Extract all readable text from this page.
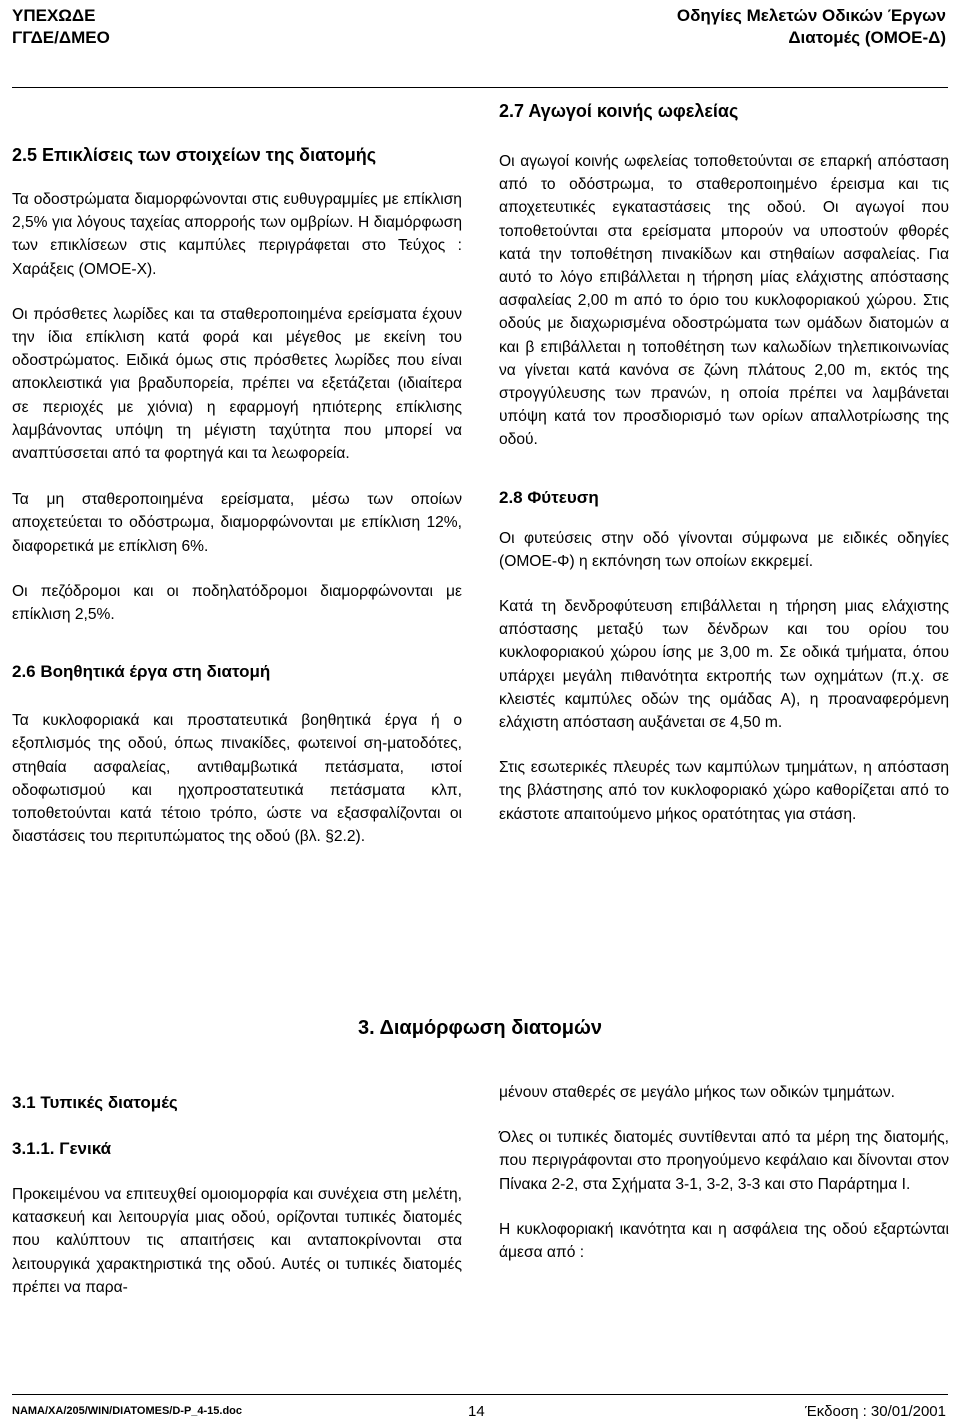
ΥΠΕΧΩΔΕ
ΓΓΔΕ/ΔΜΕΟ
Οδηγίες Μελετών Οδικών Έργων
Διατομές (ΟΜΟΕ-Δ)
2.5 Επικλίσεις των στοιχείων της διατομής

Τα οδοστρώματα διαμορφώνονται στις ευθυγραμμίες με επίκλιση 2,5% για λόγους ταχείας απορροής των ομβρίων. Η διαμόρφωση των επικλίσεων στις καμπύλες περιγράφεται στο Τεύχος : Χαράξεις (ΟΜΟΕ-Χ).

Οι πρόσθετες λωρίδες και τα σταθεροποιημένα ερείσματα έχουν την ίδια επίκλιση κατά φορά και μέγεθος με εκείνη του οδοστρώματος. Ειδικά όμως στις πρόσθετες λωρίδες που είναι αποκλειστικά για βραδυπορεία, πρέπει να εξετάζεται (ιδιαίτερα σε περιοχές με χιόνια) η εφαρμογή ηπιότερης επίκλισης λαμβάνοντας υπόψη τη μέγιστη ταχύτητα που μπορεί να αναπτύσσεται από τα φορτηγά και τα λεωφορεία.

Τα μη σταθεροποιημένα ερείσματα, μέσω των οποίων αποχετεύεται το οδόστρωμα, διαμορφώνονται με επίκλιση 12%, διαφορετικά με επίκλιση 6%.

Οι πεζόδρομοι και οι ποδηλατόδρομοι διαμορφώνονται με επίκλιση 2,5%.

2.6 Βοηθητικά έργα στη διατομή

Τα κυκλοφοριακά και προστατευτικά βοηθητικά έργα ή ο εξοπλισμός της οδού, όπως πινακίδες, φωτεινοί ση-ματοδότες, στηθαία ασφαλείας, αντιθαμβωτικά πετάσματα, ιστοί οδοφωτισμού και ηχοπροστατευτικά πετάσματα κλπ, τοποθετούνται κατά τέτοιο τρόπο, ώστε να εξασφαλίζονται οι διαστάσεις του περιτυπώματος της οδού (βλ. §2.2).

2.7 Αγωγοί κοινής ωφελείας

Οι αγωγοί κοινής ωφελείας τοποθετούνται σε επαρκή απόσταση από το οδόστρωμα, το σταθεροποιημένο έρεισμα και τις αποχετευτικές εγκαταστάσεις της οδού. Οι αγωγοί που τοποθετούνται στα ερείσματα μπορούν να υποστούν φθορές κατά την τοποθέτηση πινακίδων και στηθαίων ασφαλείας. Για αυτό το λόγο επιβάλλεται η τήρηση μίας ελάχιστης απόστασης ασφαλείας 2,00 m από το όριο του κυκλοφοριακού χώρου. Στις οδούς με διαχωρισμένα οδοστρώματα των ομάδων διατομών α και β επιβάλλεται η τοποθέτηση των καλωδίων τηλεπικοινωνίας να γίνεται κατά κανόνα σε ζώνη πλάτους 2,00 m, εκτός της στρογγύλευσης των πρανών, η οποία πρέπει να λαμβάνεται υπόψη κατά τον προσδιορισμό των ορίων απαλλοτρίωσης της οδού.

2.8 Φύτευση

Οι φυτεύσεις στην οδό γίνονται σύμφωνα με ειδικές οδηγίες (ΟΜΟΕ-Φ) η εκπόνηση των οποίων εκκρεμεί.

Κατά τη δενδροφύτευση επιβάλλεται η τήρηση μιας ελάχιστης απόστασης μεταξύ των δένδρων και του ορίου του κυκλοφοριακού χώρου ίσης με 3,00 m. Σε οδικά τμήματα, όπου υπάρχει μεγάλη πιθανότητα εκτροπής των οχημάτων (π.χ. σε κλειστές καμπύλες οδών της ομάδας Α), η προαναφερόμενη ελάχιστη απόσταση αυξάνεται σε 4,50 m.

Στις εσωτερικές πλευρές των καμπύλων τμημάτων, η απόσταση της βλάστησης από τον κυκλοφοριακό χώρο καθορίζεται από το εκάστοτε απαιτούμενο μήκος ορατότητας για στάση.

3. Διαμόρφωση διατομών
3.1 Τυπικές διατομές
3.1.1. Γενικά

Προκειμένου να επιτευχθεί ομοιομορφία και συνέχεια στη μελέτη, κατασκευή και λειτουργία μιας οδού, ορίζονται τυπικές διατομές που καλύπτουν τις απαιτήσεις και ανταποκρίνονται στα λειτουργικά χαρακτηριστικά της οδού. Αυτές οι τυπικές διατομές πρέπει να παρα-

μένουν σταθερές σε μεγάλο μήκος των οδικών τμημάτων.

Όλες οι τυπικές διατομές συντίθενται από τα μέρη της διατομής, που περιγράφονται στο προηγούμενο κεφάλαιο και δίνονται στον Πίνακα 2-2, στα Σχήματα 3-1, 3-2, 3-3 και στο Παράρτημα Ι.

Η κυκλοφοριακή ικανότητα και η ασφάλεια της οδού εξαρτώνται άμεσα από :

ΝΑΜΑ/ΧΑ/205/WIN/DIATOMES/D-P_4-15.doc	14	Έκδοση : 30/01/2001
